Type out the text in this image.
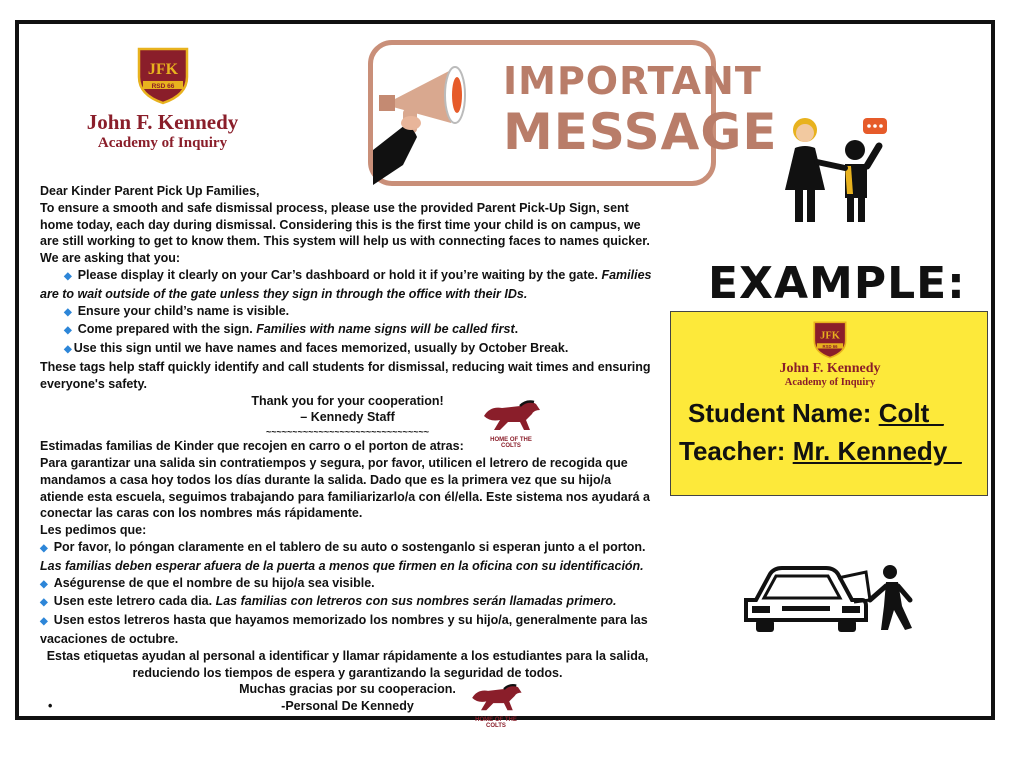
JFK
RSD 66
John F. Kennedy
Academy of Inquiry
IMPORTANT
MESSAGE

Dear Kinder Parent Pick Up Families,

To ensure a smooth and safe dismissal process, please use the provided Parent Pick-Up Sign, sent home today, each day during dismissal. Considering this is the first time your child is on campus, we are still working to get to know them. This system will help us with connecting faces to names quicker.

We are asking that you:

◆ Please display it clearly on your Car’s dashboard or hold it if you’re waiting by the gate. Families are to wait outside of the gate unless they sign in through the office with their IDs.

◆ Ensure your child’s name is visible.

◆ Come prepared with the sign. Families with name signs will be called first.

◆ Use this sign until we have names and faces memorized, usually by October Break.

These tags help staff quickly identify and call students for dismissal, reducing wait times and ensuring everyone's safety.

Thank you for your cooperation!

– Kennedy Staff

~~~~~~~~~~~~~~~~~~~~~~~~~~~~~~~

Estimadas familias de Kinder que recojen en carro o el porton de atras:

Para garantizar una salida sin contratiempos y segura, por favor, utilicen el letrero de recogida que mandamos a casa hoy todos los días durante la salida. Dado que es la primera vez que su hijo/a atiende esta escuela, seguimos trabajando para familiarizarlo/a con él/ella. Este sistema nos ayudará a conectar las caras con los nombres más rápidamente.

Les pedimos que:

◆ Por favor, lo póngan claramente en el tablero de su auto o sostenganlo si esperan junto a el porton.

Las familias deben esperar afuera de la puerta a menos que firmen en la oficina con su identificación.

◆ Aségurense de que el nombre de su hijo/a sea visible.

◆ Usen este letrero cada dia. Las familias con letreros con sus nombres serán llamadas primero.

◆ Usen estos letreros hasta que hayamos memorizado los nombres y su hijo/a, generalmente para las vacaciones de octubre.

Estas etiquetas ayudan al personal a identificar y llamar rápidamente a los estudiantes para la salida, reduciendo los tiempos de espera y garantizando la seguridad de todos.

Muchas gracias por su cooperacion.

•	-Personal De Kennedy

HOME OF THE COLTS
HOME OF THE COLTS
EXAMPLE:
JFK
RSD 66
John F. Kennedy
Academy of Inquiry
Student Name: Colt_
Teacher: Mr. Kennedy_
